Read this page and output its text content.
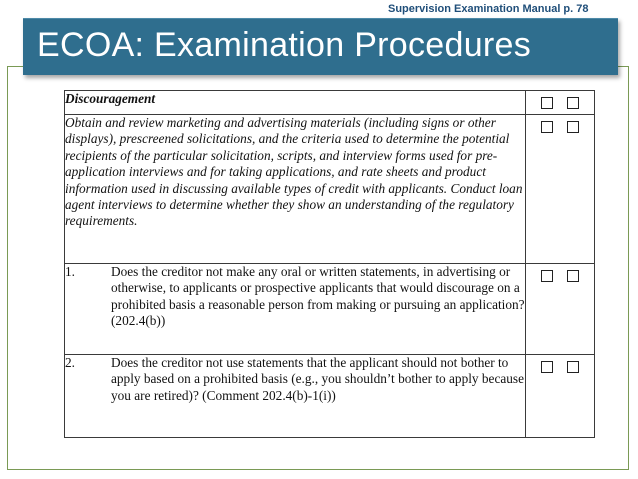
Supervision Examination Manual p. 78
ECOA: Examination Procedures
Discouragement	
Obtain and review marketing and advertising materials (including signs or other displays), prescreened solicitations, and the criteria used to determine the potential recipients of the particular solicitation, scripts, and interview forms used for pre-application interviews and for taking applications, and rate sheets and product information used in discussing available types of credit with applicants. Conduct loan agent interviews to determine whether they show an understanding of the regulatory requirements.	

1. Does the creditor not make any oral or written statements, in advertising or otherwise, to applicants or prospective applicants that would discourage on a prohibited basis a reasonable person from making or pursuing an application? (202.4(b))	

2. Does the creditor not use statements that the applicant should not bother to apply based on a prohibited basis (e.g., you shouldn’t bother to apply because you are retired)? (Comment 202.4(b)-1(i))	
